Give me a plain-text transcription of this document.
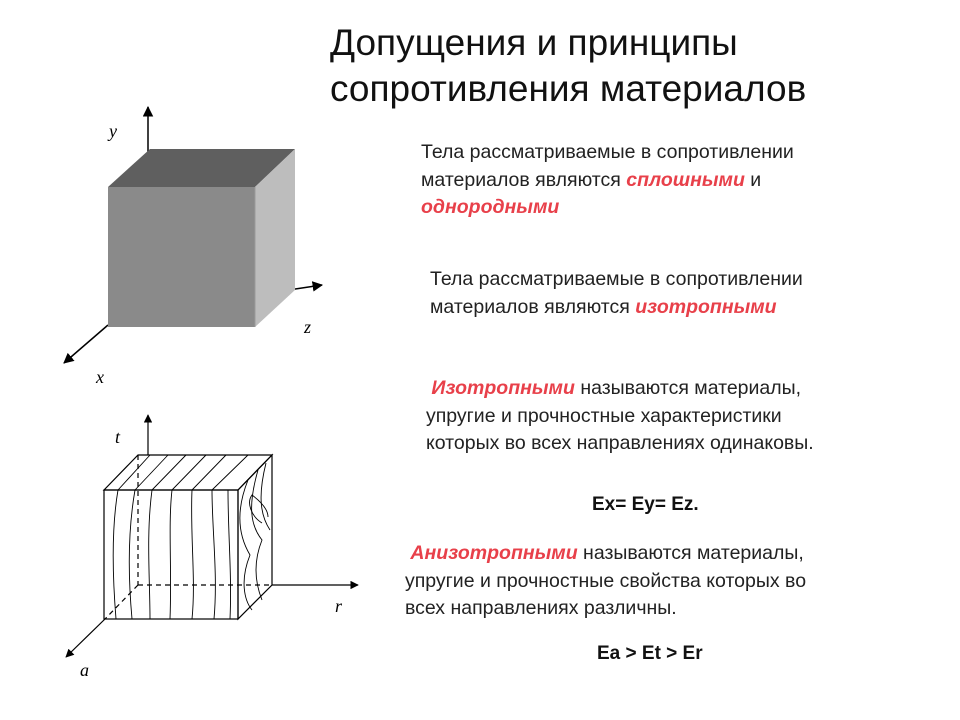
Допущения и принципы
сопротивления материалов
Тела рассматриваемые в сопротивлении
материалов являются сплошными и
однородными
Тела рассматриваемые в сопротивлении
материалов являются изотропными
Изотропными называются материалы,
упругие и прочностные характеристики
которых во всех направлениях одинаковы.
Ex= Ey= Ez.
Анизотропными называются материалы,
упругие и прочностные свойства которых во
всех направлениях различны.
Ea > Et > Er
y
z
x
t
r
a
